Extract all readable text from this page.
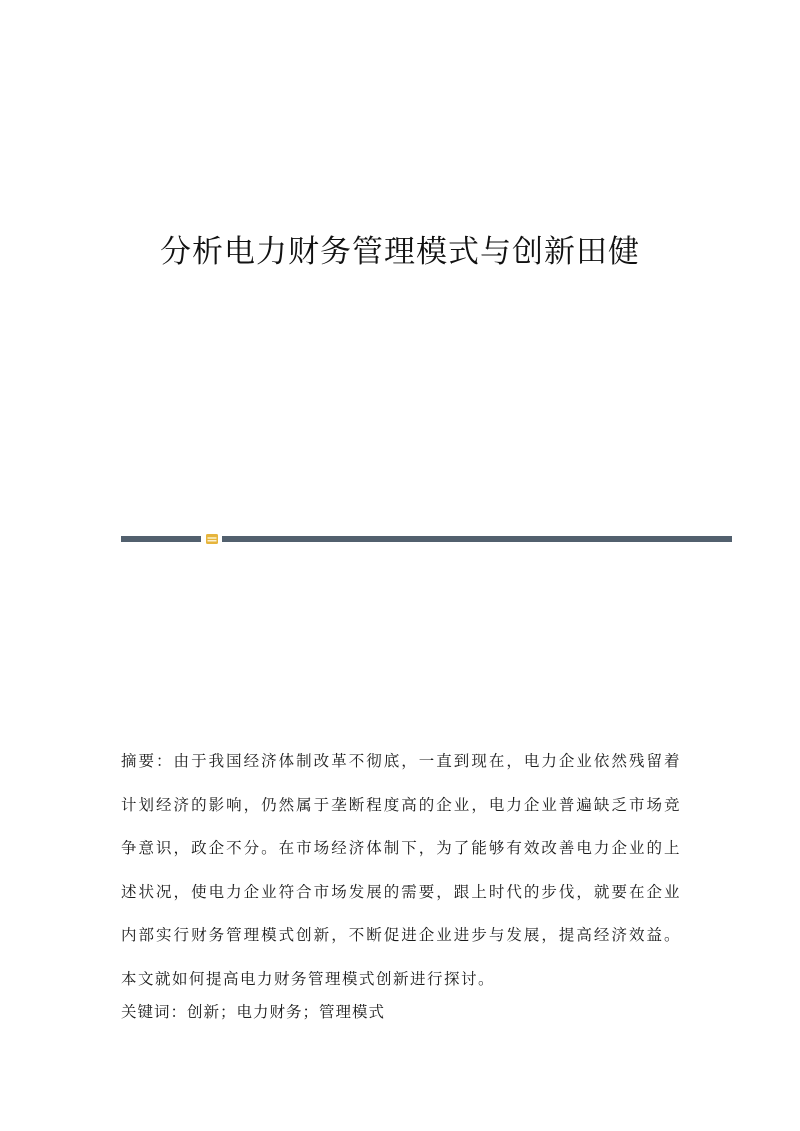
分析电力财务管理模式与创新田健

摘要：由于我国经济体制改革不彻底，一直到现在，电力企业依然残留着计划经济的影响，仍然属于垄断程度高的企业，电力企业普遍缺乏市场竞争意识，政企不分。在市场经济体制下，为了能够有效改善电力企业的上述状况，使电力企业符合市场发展的需要，跟上时代的步伐，就要在企业内部实行财务管理模式创新，不断促进企业进步与发展，提高经济效益。本文就如何提高电力财务管理模式创新进行探讨。

关键词：创新；电力财务；管理模式
